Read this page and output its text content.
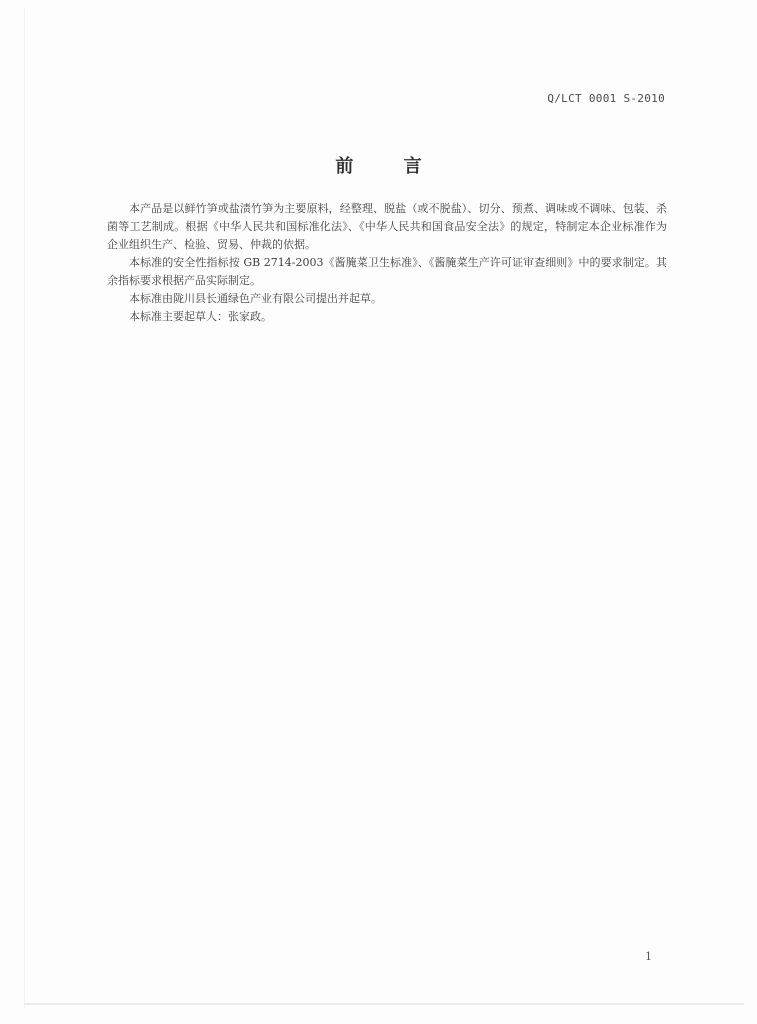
Q/LCT 0001 S-2010
前 言

本产品是以鲜竹笋或盐渍竹笋为主要原料，经整理、脱盐（或不脱盐）、切分、预煮、调味或不调味、包装、杀菌等工艺制成。根据《中华人民共和国标准化法》、《中华人民共和国食品安全法》的规定，特制定本企业标准作为企业组织生产、检验、贸易、仲裁的依据。

本标准的安全性指标按 GB 2714-2003《酱腌菜卫生标准》、《酱腌菜生产许可证审查细则》中的要求制定。其余指标要求根据产品实际制定。

本标准由陇川县长通绿色产业有限公司提出并起草。

本标准主要起草人：张家政。

1
